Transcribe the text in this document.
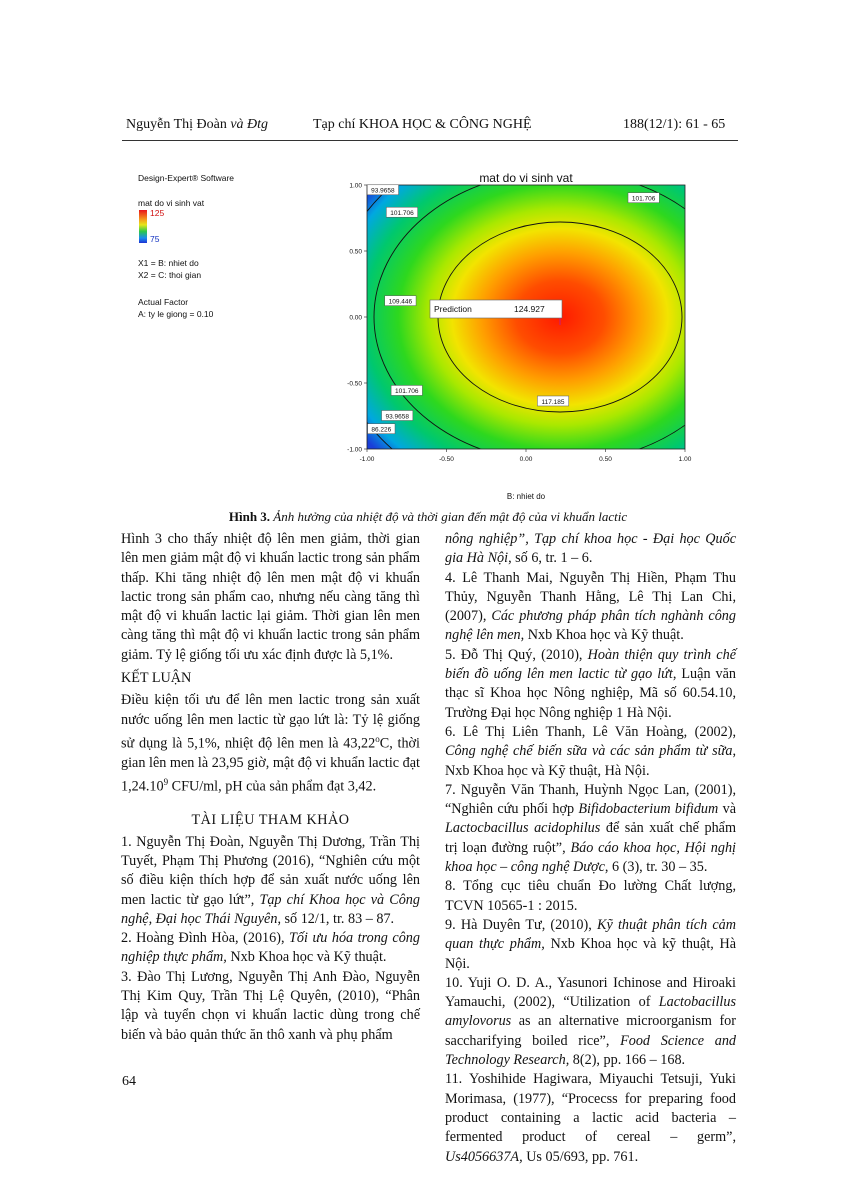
Nguyễn Thị Đoàn và Đtg	Tạp chí KHOA HỌC & CÔNG NGHỆ	188(12/1): 61 - 65
Design-Expert® Software
mat do vi sinh vat
125
75
X1 = B: nhiet do
X2 = C: thoi gian
Actual Factor
A: ty le giong = 0.10
mat do vi sinh vat
-1.00	-0.50	0.00	0.50	1.00
1.00
0.50
0.00
-0.50
-1.00
93.9658
101.706
101.706
109.446
117.185
101.706
93.9658
86.226
Prediction	124.927
B: nhiet do
Hình 3. Ảnh hưởng của nhiệt độ và thời gian đến mật độ của vi khuẩn lactic

Hình 3 cho thấy nhiệt độ lên men giảm, thời gian lên men giảm mật độ vi khuẩn lactic trong sản phẩm thấp. Khi tăng nhiệt độ lên men mật độ vi khuẩn lactic trong sản phẩm cao, nhưng nếu càng tăng thì mật độ vi khuẩn lactic lại giảm. Thời gian lên men càng tăng thì mật độ vi khuẩn lactic trong sản phẩm giảm. Tỷ lệ giống tối ưu xác định được là 5,1%.

KẾT LUẬN

Điều kiện tối ưu để lên men lactic trong sản xuất nước uống lên men lactic từ gạo lứt là: Tỷ lệ giống sử dụng là 5,1%, nhiệt độ lên men là 43,22$^o$C, thời gian lên men là 23,95 giờ, mật độ vi khuẩn lactic đạt 1,24.10$^9$ CFU/ml, pH của sản phẩm đạt 3,42.

TÀI LIỆU THAM KHẢO

1. Nguyễn Thị Đoàn, Nguyễn Thị Dương, Trần Thị Tuyết, Phạm Thị Phương (2016), “Nghiên cứu một số điều kiện thích hợp để sản xuất nước uống lên men lactic từ gạo lứt”, Tạp chí Khoa học và Công nghệ, Đại học Thái Nguyên, số 12/1, tr. 83 – 87.

2. Hoàng Đình Hòa, (2016), Tối ưu hóa trong công nghiệp thực phẩm, Nxb Khoa học và Kỹ thuật.

3. Đào Thị Lương, Nguyễn Thị Anh Đào, Nguyễn Thị Kim Quy, Trần Thị Lệ Quyên, (2010), “Phân lập và tuyển chọn vi khuẩn lactic dùng trong chế biến và bảo quản thức ăn thô xanh và phụ phẩm

nông nghiệp”, Tạp chí khoa học - Đại học Quốc gia Hà Nội, số 6, tr. 1 – 6.

4. Lê Thanh Mai, Nguyễn Thị Hiền, Phạm Thu Thủy, Nguyễn Thanh Hằng, Lê Thị Lan Chi, (2007), Các phương pháp phân tích nghành công nghệ lên men, Nxb Khoa học và Kỹ thuật.

5. Đỗ Thị Quý, (2010), Hoàn thiện quy trình chế biến đồ uống lên men lactic từ gạo lứt, Luận văn thạc sĩ Khoa học Nông nghiệp, Mã số 60.54.10, Trường Đại học Nông nghiệp 1 Hà Nội.

6. Lê Thị Liên Thanh, Lê Văn Hoàng, (2002), Công nghệ chế biến sữa và các sản phẩm từ sữa, Nxb Khoa học và Kỹ thuật, Hà Nội.

7. Nguyễn Văn Thanh, Huỳnh Ngọc Lan, (2001), “Nghiên cứu phối hợp Bifidobacterium bifidum và Lactocbacillus acidophilus để sản xuất chế phẩm trị loạn đường ruột”, Báo cáo khoa học, Hội nghị khoa học – công nghệ Dược, 6 (3), tr. 30 – 35.

8. Tổng cục tiêu chuẩn Đo lường Chất lượng, TCVN 10565-1 : 2015.

9. Hà Duyên Tư, (2010), Kỹ thuật phân tích cảm quan thực phẩm, Nxb Khoa học và kỹ thuật, Hà Nội.

10. Yuji O. D. A., Yasunori Ichinose and Hiroaki Yamauchi, (2002), “Utilization of Lactobacillus amylovorus as an alternative microorganism for saccharifying boiled rice”, Food Science and Technology Research, 8(2), pp. 166 – 168.

11. Yoshihide Hagiwara, Miyauchi Tetsuji, Yuki Morimasa, (1977), “Procecss for preparing food product containing a lactic acid bacteria – fermented product of cereal – germ”, Us4056637A, Us 05/693, pp. 761.

64
